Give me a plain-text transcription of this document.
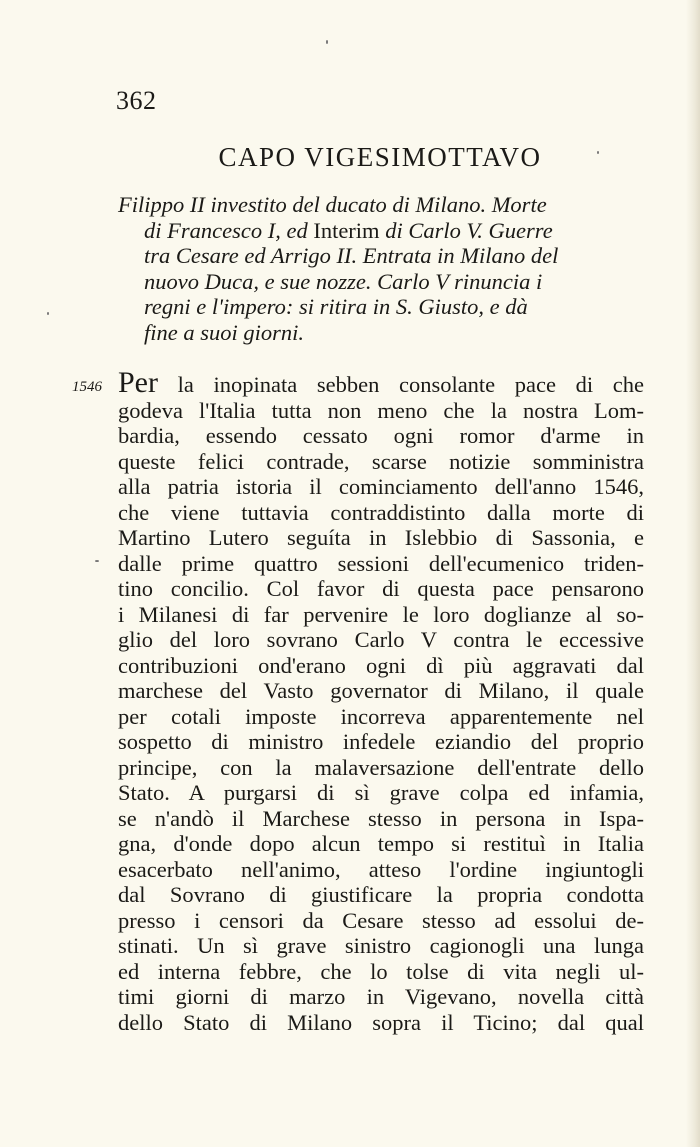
362
CAPO VIGESIMOTTAVO
Filippo II investito del ducato di Milano. Morte
di Francesco I, ed Interim di Carlo V. Guerre
tra Cesare ed Arrigo II. Entrata in Milano del
nuovo Duca, e sue nozze. Carlo V rinuncia i
regni e l'impero: si ritira in S. Giusto, e dà
fine a suoi giorni.
1546 Per la inopinata sebben consolante pace di che
godeva l'Italia tutta non meno che la nostra Lom-
bardia, essendo cessato ogni romor d'arme in
queste felici contrade, scarse notizie somministra
alla patria istoria il cominciamento dell'anno 1546,
che viene tuttavia contraddistinto dalla morte di
Martino Lutero seguíta in Islebbio di Sassonia, e
dalle prime quattro sessioni dell'ecumenico triden-
tino concilio. Col favor di questa pace pensarono
i Milanesi di far pervenire le loro doglianze al so-
glio del loro sovrano Carlo V contra le eccessive
contribuzioni ond'erano ogni dì più aggravati dal
marchese del Vasto governator di Milano, il quale
per cotali imposte incorreva apparentemente nel
sospetto di ministro infedele eziandio del proprio
principe, con la malaversazione dell'entrate dello
Stato. A purgarsi di sì grave colpa ed infamia,
se n'andò il Marchese stesso in persona in Ispa-
gna, d'onde dopo alcun tempo si restituì in Italia
esacerbato nell'animo, atteso l'ordine ingiuntogli
dal Sovrano di giustificare la propria condotta
presso i censori da Cesare stesso ad essolui de-
stinati. Un sì grave sinistro cagionogli una lunga
ed interna febbre, che lo tolse di vita negli ul-
timi giorni di marzo in Vigevano, novella città
dello Stato di Milano sopra il Ticino; dal qual
